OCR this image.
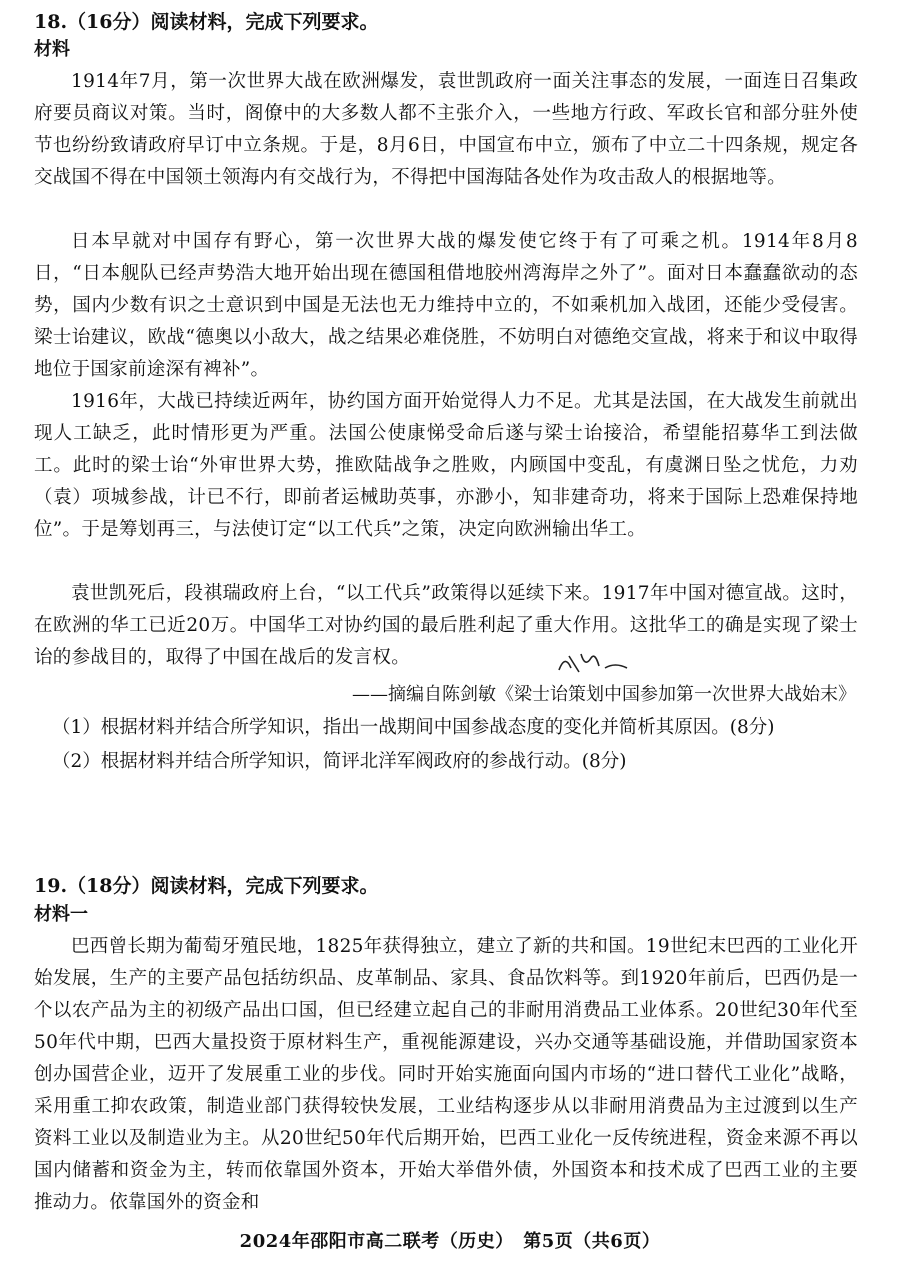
18.（16分）阅读材料，完成下列要求。
材料
1914年7月，第一次世界大战在欧洲爆发，袁世凯政府一面关注事态的发展，一面连日召集政府要员商议对策。当时，阁僚中的大多数人都不主张介入，一些地方行政、军政长官和部分驻外使节也纷纷致请政府早订中立条规。于是，8月6日，中国宣布中立，颁布了中立二十四条规，规定各交战国不得在中国领土领海内有交战行为，不得把中国海陆各处作为攻击敌人的根据地等。
日本早就对中国存有野心，第一次世界大战的爆发使它终于有了可乘之机。1914年8月8日，“日本舰队已经声势浩大地开始出现在德国租借地胶州湾海岸之外了”。面对日本蠢蠢欲动的态势，国内少数有识之士意识到中国是无法也无力维持中立的，不如乘机加入战团，还能少受侵害。梁士诒建议，欧战“德奥以小敌大，战之结果必难侥胜，不妨明白对德绝交宣战，将来于和议中取得地位于国家前途深有裨补”。
1916年，大战已持续近两年，协约国方面开始觉得人力不足。尤其是法国，在大战发生前就出现人工缺乏，此时情形更为严重。法国公使康悌受命后遂与梁士诒接洽，希望能招募华工到法做工。此时的梁士诒“外审世界大势，推欧陆战争之胜败，内顾国中变乱，有虞渊日坠之忧危，力劝（袁）项城参战，计已不行，即前者运械助英事，亦渺小，知非建奇功，将来于国际上恐难保持地位”。于是筹划再三，与法使订定“以工代兵”之策，决定向欧洲输出华工。
袁世凯死后，段祺瑞政府上台，“以工代兵”政策得以延续下来。1917年中国对德宣战。这时，在欧洲的华工已近20万。中国华工对协约国的最后胜利起了重大作用。这批华工的确是实现了梁士诒的参战目的，取得了中国在战后的发言权。
——摘编自陈剑敏《梁士诒策划中国参加第一次世界大战始末》
（1）根据材料并结合所学知识，指出一战期间中国参战态度的变化并简析其原因。(8分)
（2）根据材料并结合所学知识，简评北洋军阀政府的参战行动。(8分)
19.（18分）阅读材料，完成下列要求。
材料一
巴西曾长期为葡萄牙殖民地，1825年获得独立，建立了新的共和国。19世纪末巴西的工业化开始发展，生产的主要产品包括纺织品、皮革制品、家具、食品饮料等。到1920年前后，巴西仍是一个以农产品为主的初级产品出口国，但已经建立起自己的非耐用消费品工业体系。20世纪30年代至50年代中期，巴西大量投资于原材料生产，重视能源建设，兴办交通等基础设施，并借助国家资本创办国营企业，迈开了发展重工业的步伐。同时开始实施面向国内市场的“进口替代工业化”战略，采用重工抑农政策，制造业部门获得较快发展，工业结构逐步从以非耐用消费品为主过渡到以生产资料工业以及制造业为主。从20世纪50年代后期开始，巴西工业化一反传统进程，资金来源不再以国内储蓄和资金为主，转而依靠国外资本，开始大举借外债，外国资本和技术成了巴西工业的主要推动力。依靠国外的资金和
2024年邵阳市高二联考（历史）　第5页（共6页）
